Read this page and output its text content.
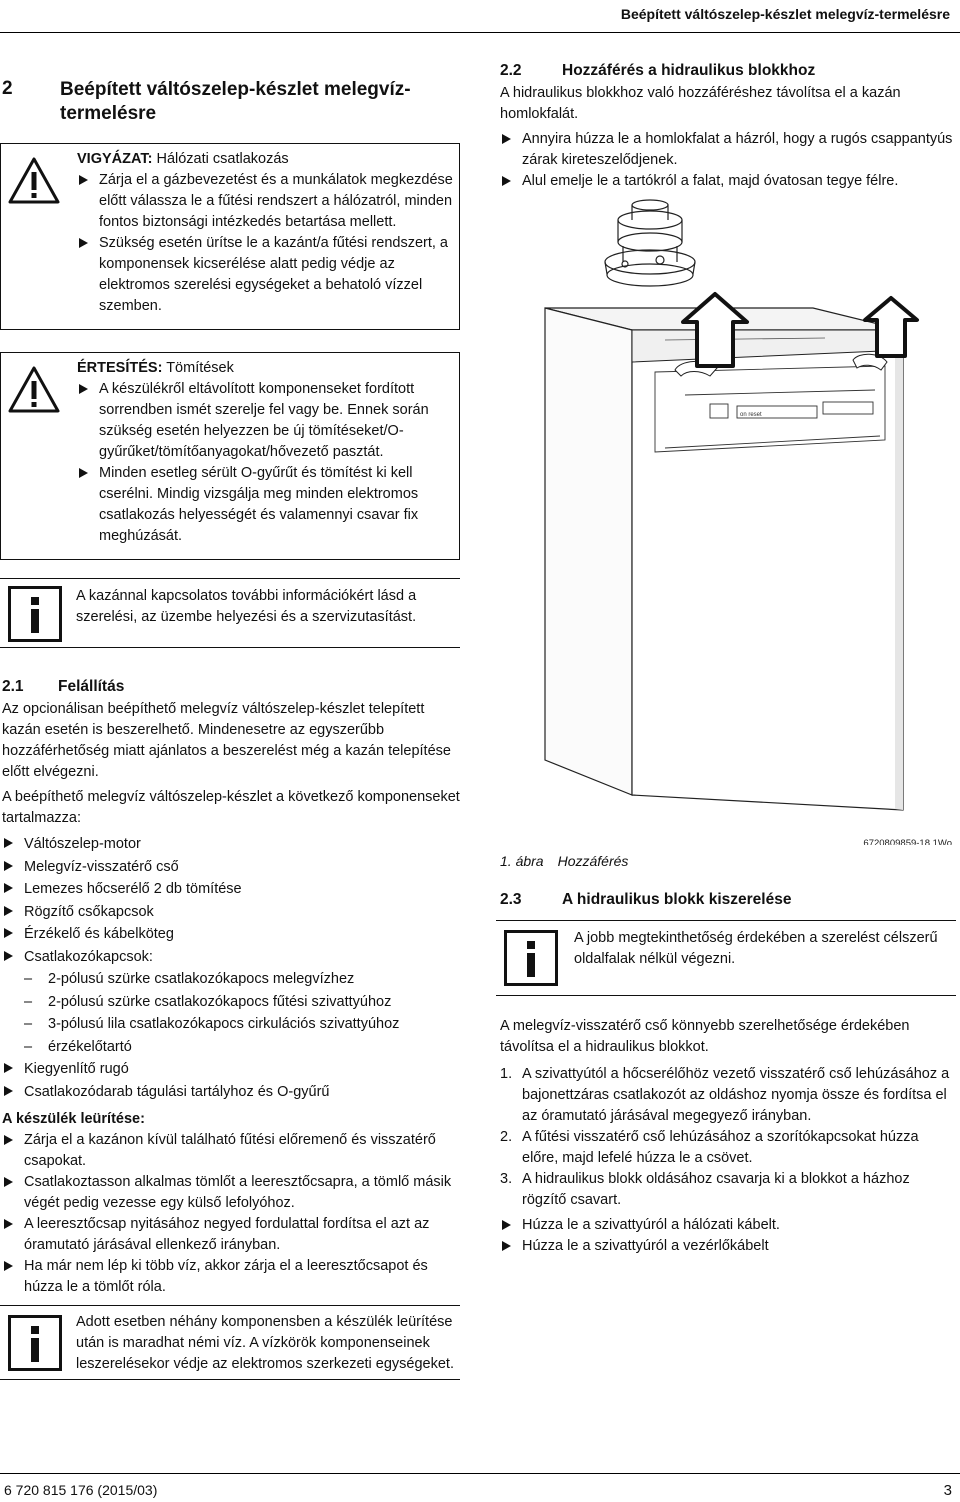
Beépített váltószelep-készlet melegvíz-termelésre
2 Beépített váltószelep-készlet melegvíz-termelésre
VIGYÁZAT: Hálózati csatlakozás
Zárja el a gázbevezetést és a munkálatok megkezdése előtt válassza le a fűtési rendszert a hálózatról, minden fontos biztonsági intézkedés betartása mellett.
Szükség esetén ürítse le a kazánt/a fűtési rendszert, a komponensek kicserélése alatt pedig védje az elektromos szerelési egységeket a behatoló vízzel szemben.
ÉRTESÍTÉS: Tömítések
A készülékről eltávolított komponenseket fordított sorrendben ismét szerelje fel vagy be. Ennek során szükség esetén helyezzen be új tömítéseket/O-gyűrűket/tömítőanyagokat/hővezető pasztát.
Minden esetleg sérült O-gyűrűt és tömítést ki kell cserélni. Mindig vizsgálja meg minden elektromos csatlakozás helyességét és valamennyi csavar fix meghúzását.
A kazánnal kapcsolatos további információkért lásd a szerelési, az üzembe helyezési és a szervizutasítást.
2.1 Felállítás
Az opcionálisan beépíthető melegvíz váltószelep-készlet telepített kazán esetén is beszerelhető. Mindenesetre az egyszerűbb hozzáférhetőség miatt ajánlatos a beszerelést még a kazán telepítése előtt elvégezni.
A beépíthető melegvíz váltószelep-készlet a következő komponenseket tartalmazza:
Váltószelep-motor
Melegvíz-visszatérő cső
Lemezes hőcserélő 2 db tömítése
Rögzítő csőkapcsok
Érzékelő és kábelköteg
Csatlakozókapcsok:
– 2-pólusú szürke csatlakozókapocs melegvízhez
– 2-pólusú szürke csatlakozókapocs fűtési szivattyúhoz
– 3-pólusú lila csatlakozókapocs cirkulációs szivattyúhoz
– érzékelőtartó
Kiegyenlítő rugó
Csatlakozódarab tágulási tartályhoz és O-gyűrű
A készülék leürítése:
Zárja el a kazánon kívül található fűtési előremenő és visszatérő csapokat.
Csatlakoztasson alkalmas tömlőt a leeresztőcsapra, a tömlő másik végét pedig vezesse egy külső lefolyóhoz.
A leeresztőcsap nyitásához negyed fordulattal fordítsa el azt az óramutató járásával ellenkező irányban.
Ha már nem lép ki több víz, akkor zárja el a leeresztőcsapot és húzza le a tömlőt róla.
Adott esetben néhány komponensben a készülék leürítése után is maradhat némi víz. A vízkörök komponenseinek leszerelésekor védje az elektromos szerkezeti egységeket.
2.2	Hozzáférés a hidraulikus blokkhoz
A hidraulikus blokkhoz való hozzáféréshez távolítsa el a kazán homlokfalát.
Annyira húzza le a homlokfalat a házról, hogy a rugós csappantyús zárak kireteszelődjenek.
Alul emelje le a tartókról a falat, majd óvatosan tegye félre.
on reset
6720809859-18.1Wo
1. ábra Hozzáférés
2.3	A hidraulikus blokk kiszerelése
A jobb megtekinthetőség érdekében a szerelést célszerű oldalfalak nélkül végezni.
A melegvíz-visszatérő cső könnyebb szerelhetősége érdekében távolítsa el a hidraulikus blokkot.
1. A szivattyútól a hőcserélőhöz vezető visszatérő cső lehúzásához a bajonettzáras csatlakozót az oldáshoz nyomja össze és fordítsa el az óramutató járásával megegyező irányban.
2. A fűtési visszatérő cső lehúzásához a szorítókapcsokat húzza előre, majd lefelé húzza le a csövet.
3. A hidraulikus blokk oldásához csavarja ki a blokkot a házhoz rögzítő csavart.
Húzza le a szivattyúról a hálózati kábelt.
Húzza le a szivattyúról a vezérlőkábelt
6 720 815 176 (2015/03)	3
